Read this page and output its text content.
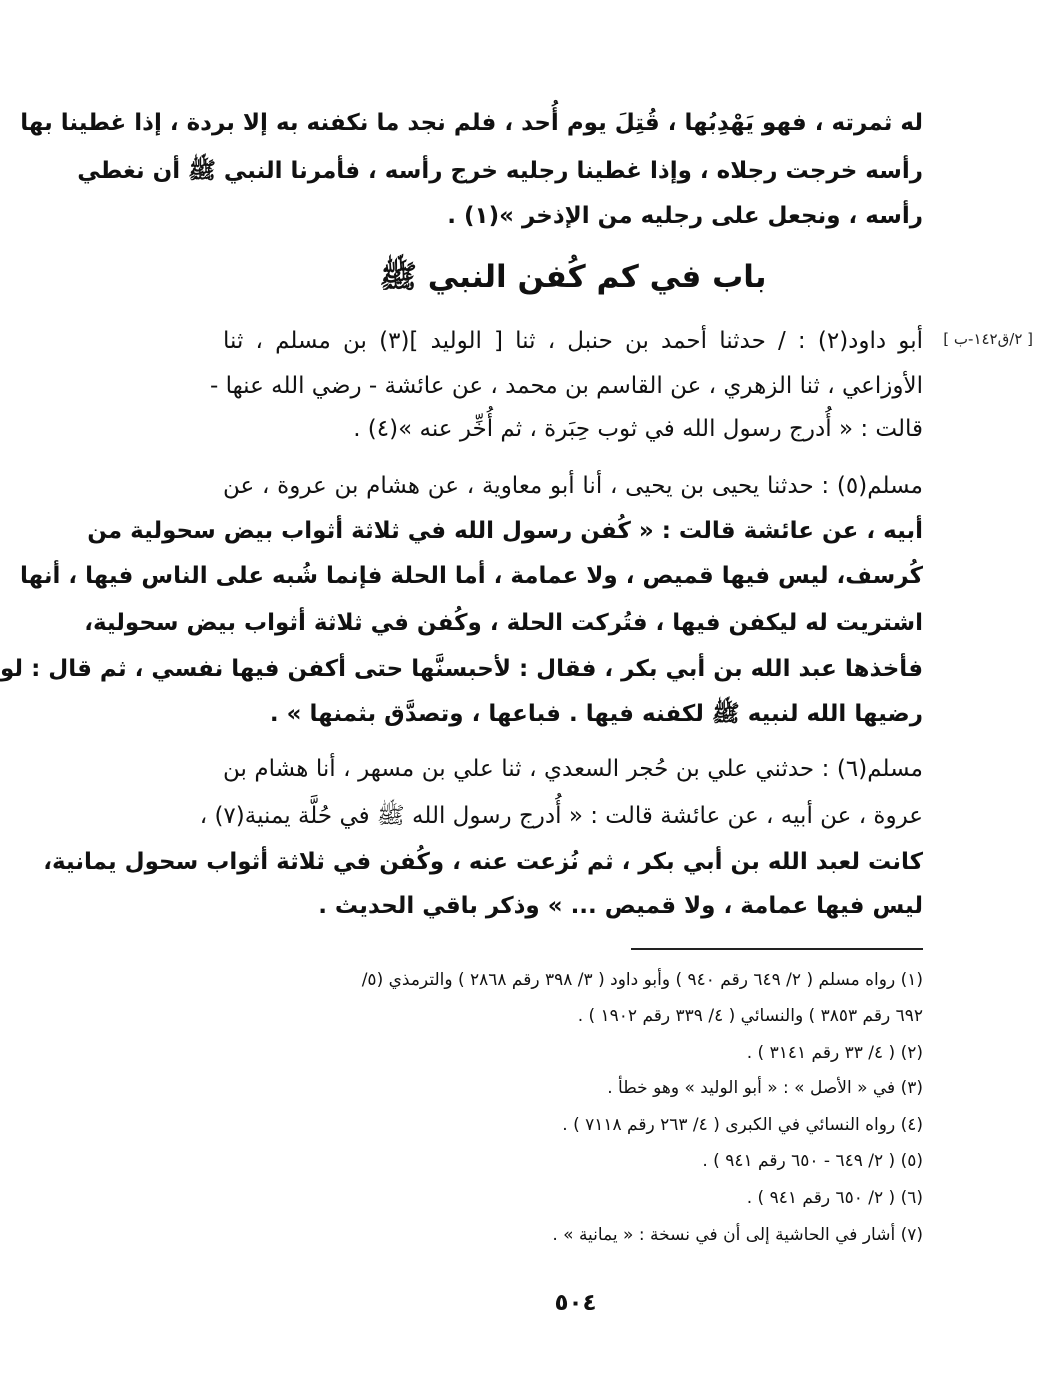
له ثمرته ، فهو يَهْدِبُها ، قُتِلَ يوم أُحد ، فلم نجد ما نكفنه به إلا بردة ، إذا غطينا بها
رأسه خرجت رجلاه ، وإذا غطينا رجليه خرج رأسه ، فأمرنا النبي ﷺ أن نغطي
رأسه ، ونجعل على رجليه من الإذخر »(١) .
باب في كم كُفن النبي ﷺ
أبو داود(٢) : / حدثنا أحمد بن حنبل ، ثنا [ الوليد ](٣) بن مسلم ، ثنا
الأوزاعي ، ثنا الزهري ، عن القاسم بن محمد ، عن عائشة - رضي الله عنها -
قالت : « أُدرج رسول الله في ثوب حِبَرة ، ثم أُخِّر عنه »(٤) .
مسلم(٥) : حدثنا يحيى بن يحيى ، أنا أبو معاوية ، عن هشام بن عروة ، عن
أبيه ، عن عائشة قالت : « كُفن رسول الله في ثلاثة أثواب بيض سحولية من
كُرسف، ليس فيها قميص ، ولا عمامة ، أما الحلة فإنما شُبه على الناس فيها ، أنها
اشتريت له ليكفن فيها ، فتُركت الحلة ، وكُفن في ثلاثة أثواب بيض سحولية،
فأخذها عبد الله بن أبي بكر ، فقال : لأحبسنَّها حتى أكفن فيها نفسي ، ثم قال : لو
رضيها الله لنبيه ﷺ لكفنه فيها . فباعها ، وتصدَّق بثمنها » .
مسلم(٦) : حدثني علي بن حُجر السعدي ، ثنا علي بن مسهر ، أنا هشام بن
عروة ، عن أبيه ، عن عائشة قالت : « أُدرج رسول الله ﷺ في حُلَّة يمنية(٧) ،
كانت لعبد الله بن أبي بكر ، ثم نُزعت عنه ، وكُفن في ثلاثة أثواب سحول يمانية،
ليس فيها عمامة ، ولا قميص ... » وذكر باقي الحديث .
(١) رواه مسلم ( ٢/ ٦٤٩ رقم ٩٤٠ ) وأبو داود ( ٣/ ٣٩٨ رقم ٢٨٦٨ ) والترمذي (٥/
٦٩٢ رقم ٣٨٥٣ ) والنسائي ( ٤/ ٣٣٩ رقم ١٩٠٢ ) .
(٢) ( ٤/ ٣٣ رقم ٣١٤١ ) .
(٣) في « الأصل » : « أبو الوليد » وهو خطأ .
(٤) رواه النسائي في الكبرى ( ٤/ ٢٦٣ رقم ٧١١٨ ) .
(٥) ( ٢/ ٦٤٩ - ٦٥٠ رقم ٩٤١ ) .
(٦) ( ٢/ ٦٥٠ رقم ٩٤١ ) .
(٧) أشار في الحاشية إلى أن في نسخة : « يمانية » .
[ ٢/ق١٤٢-ب ]
٥٠٤
